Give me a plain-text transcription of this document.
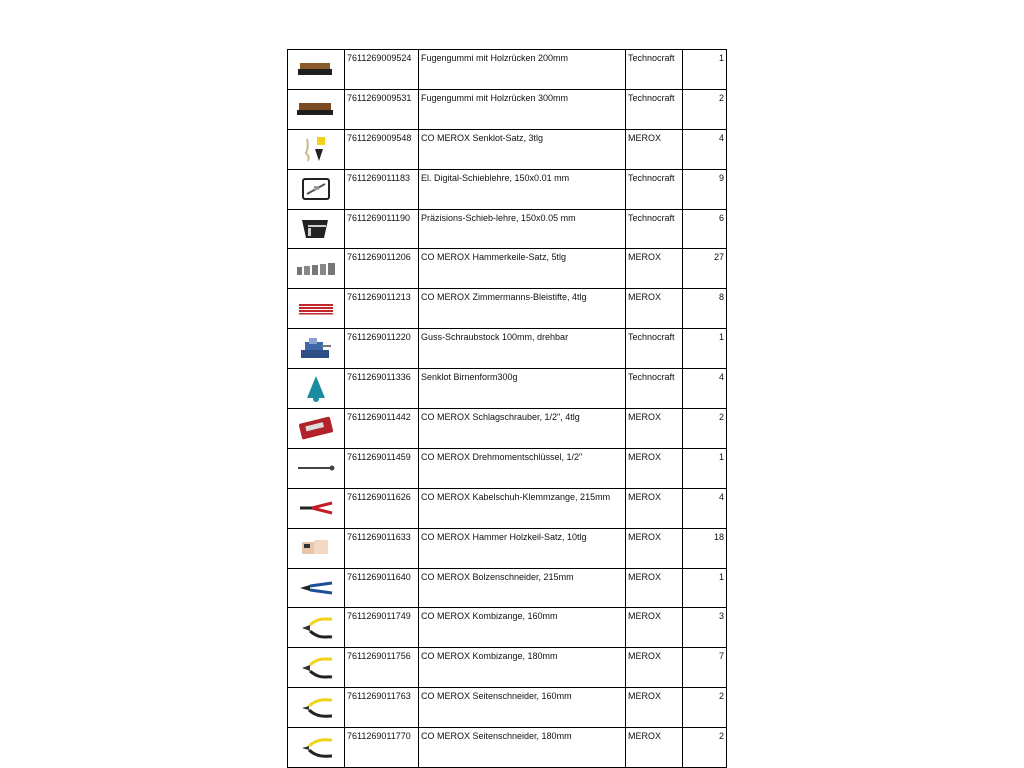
	7611269009524	Fugengummi mit Holzrücken 200mm	Technocraft	1

	7611269009531	Fugengummi mit Holzrücken 300mm	Technocraft	2

	7611269009548	CO MEROX Senklot-Satz, 3tlg	MEROX	4

	7611269011183	El. Digital-Schieblehre, 150x0.01 mm	Technocraft	9

	7611269011190	Präzisions-Schieb-lehre, 150x0.05 mm	Technocraft	6

	7611269011206	CO MEROX Hammerkeile-Satz, 5tlg	MEROX	27

	7611269011213	CO MEROX Zimmermanns-Bleistifte, 4tlg	MEROX	8

	7611269011220	Guss-Schraubstock 100mm, drehbar	Technocraft	1

	7611269011336	Senklot Birnenform300g	Technocraft	4

	7611269011442	CO MEROX Schlagschrauber, 1/2", 4tlg	MEROX	2

	7611269011459	CO MEROX Drehmomentschlüssel, 1/2"	MEROX	1

	7611269011626	CO MEROX Kabelschuh-Klemmzange, 215mm	MEROX	4

	7611269011633	CO MEROX Hammer Holzkeil-Satz, 10tlg	MEROX	18

	7611269011640	CO MEROX Bolzenschneider, 215mm	MEROX	1

	7611269011749	CO MEROX Kombizange, 160mm	MEROX	3

	7611269011756	CO MEROX Kombizange, 180mm	MEROX	7

	7611269011763	CO MEROX Seitenschneider, 160mm	MEROX	2

	7611269011770	CO MEROX Seitenschneider, 180mm	MEROX	2
